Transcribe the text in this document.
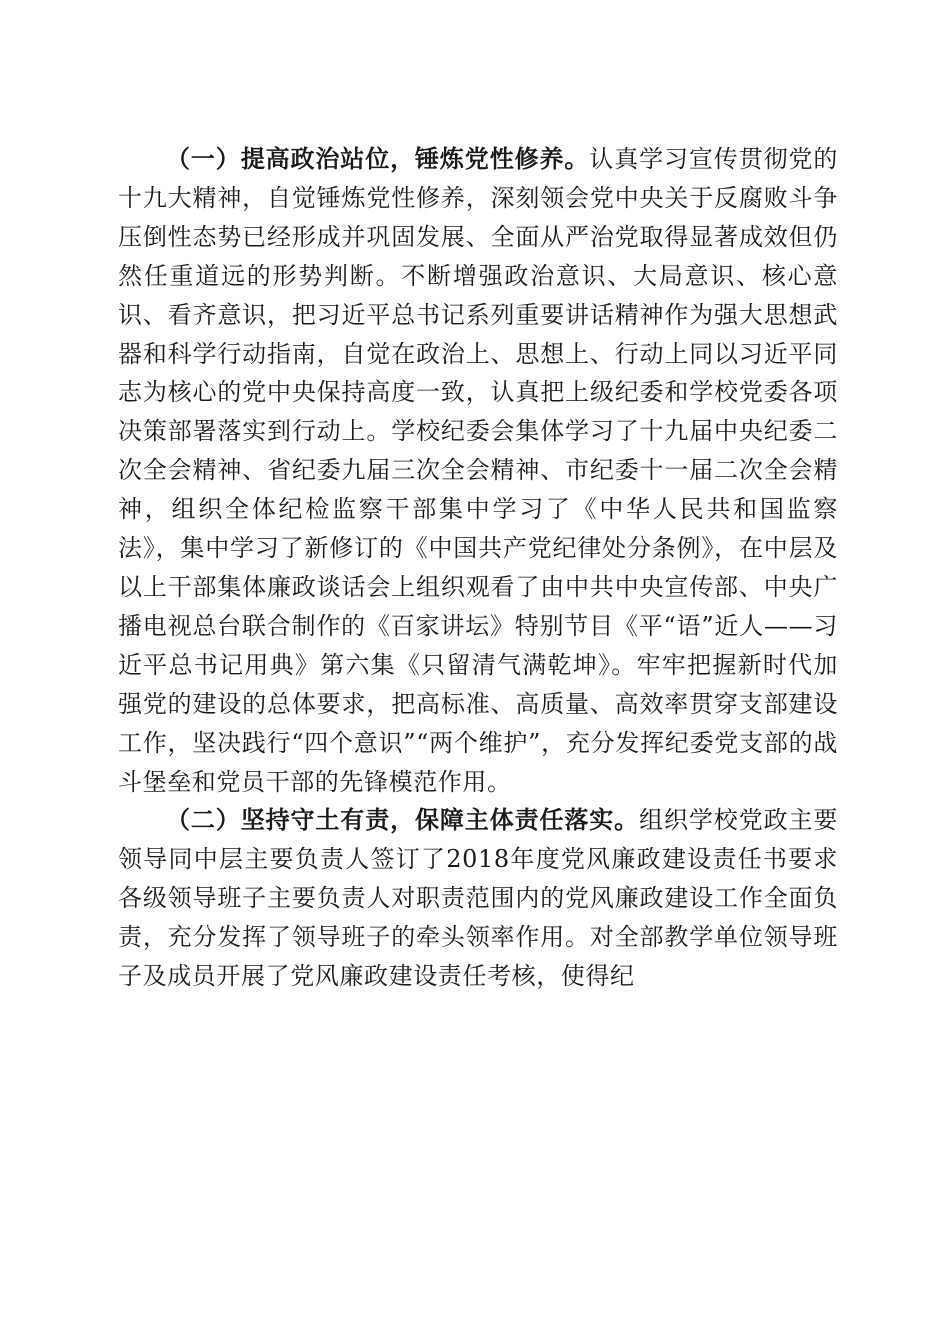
（一）提高政治站位，锤炼党性修养。认真学习宣传贯彻党的十九大精神，自觉锤炼党性修养，深刻领会党中央关于反腐败斗争压倒性态势已经形成并巩固发展、全面从严治党取得显著成效但仍然任重道远的形势判断。不断增强政治意识、大局意识、核心意识、看齐意识，把习近平总书记系列重要讲话精神作为强大思想武器和科学行动指南，自觉在政治上、思想上、行动上同以习近平同志为核心的党中央保持高度一致，认真把上级纪委和学校党委各项决策部署落实到行动上。学校纪委会集体学习了十九届中央纪委二次全会精神、省纪委九届三次全会精神、市纪委十一届二次全会精神，组织全体纪检监察干部集中学习了《中华人民共和国监察法》，集中学习了新修订的《中国共产党纪律处分条例》，在中层及以上干部集体廉政谈话会上组织观看了由中共中央宣传部、中央广播电视总台联合制作的《百家讲坛》特别节目《平“语”近人——习近平总书记用典》第六集《只留清气满乾坤》。牢牢把握新时代加强党的建设的总体要求，把高标准、高质量、高效率贯穿支部建设工作，坚决践行“四个意识”“两个维护”，充分发挥纪委党支部的战斗堡垒和党员干部的先锋模范作用。

（二）坚持守土有责，保障主体责任落实。组织学校党政主要领导同中层主要负责人签订了2018年度党风廉政建设责任书要求各级领导班子主要负责人对职责范围内的党风廉政建设工作全面负责，充分发挥了领导班子的牵头领率作用。对全部教学单位领导班子及成员开展了党风廉政建设责任考核，使得纪
